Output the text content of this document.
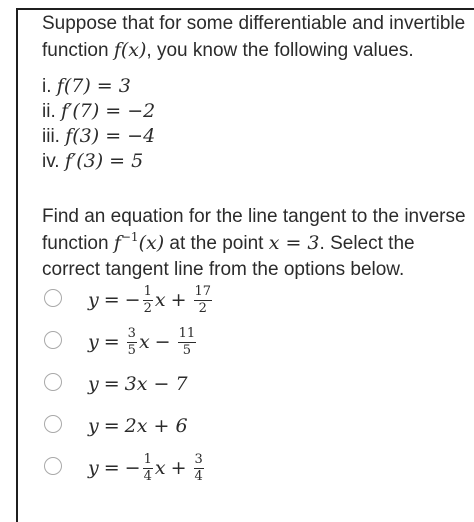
Suppose that for some differentiable and invertible
function f(x), you know the following values.
i. f(7) = 3
ii. f′(7) = −2
iii. f(3) = −4
iv. f′(3) = 5
Find an equation for the line tangent to the inverse
function $f^{-1}(x)$ at the point x = 3. Select the
correct tangent line from the options below.
y = − $\frac{1}{2}$ $x + \frac{17}{2}$
$y = \frac{3}{5}$ $x - \frac{11}{5}$
y = 3x − 7
y = 2x + 6
y = − $\frac{1}{4}$ $x + \frac{3}{4}$
